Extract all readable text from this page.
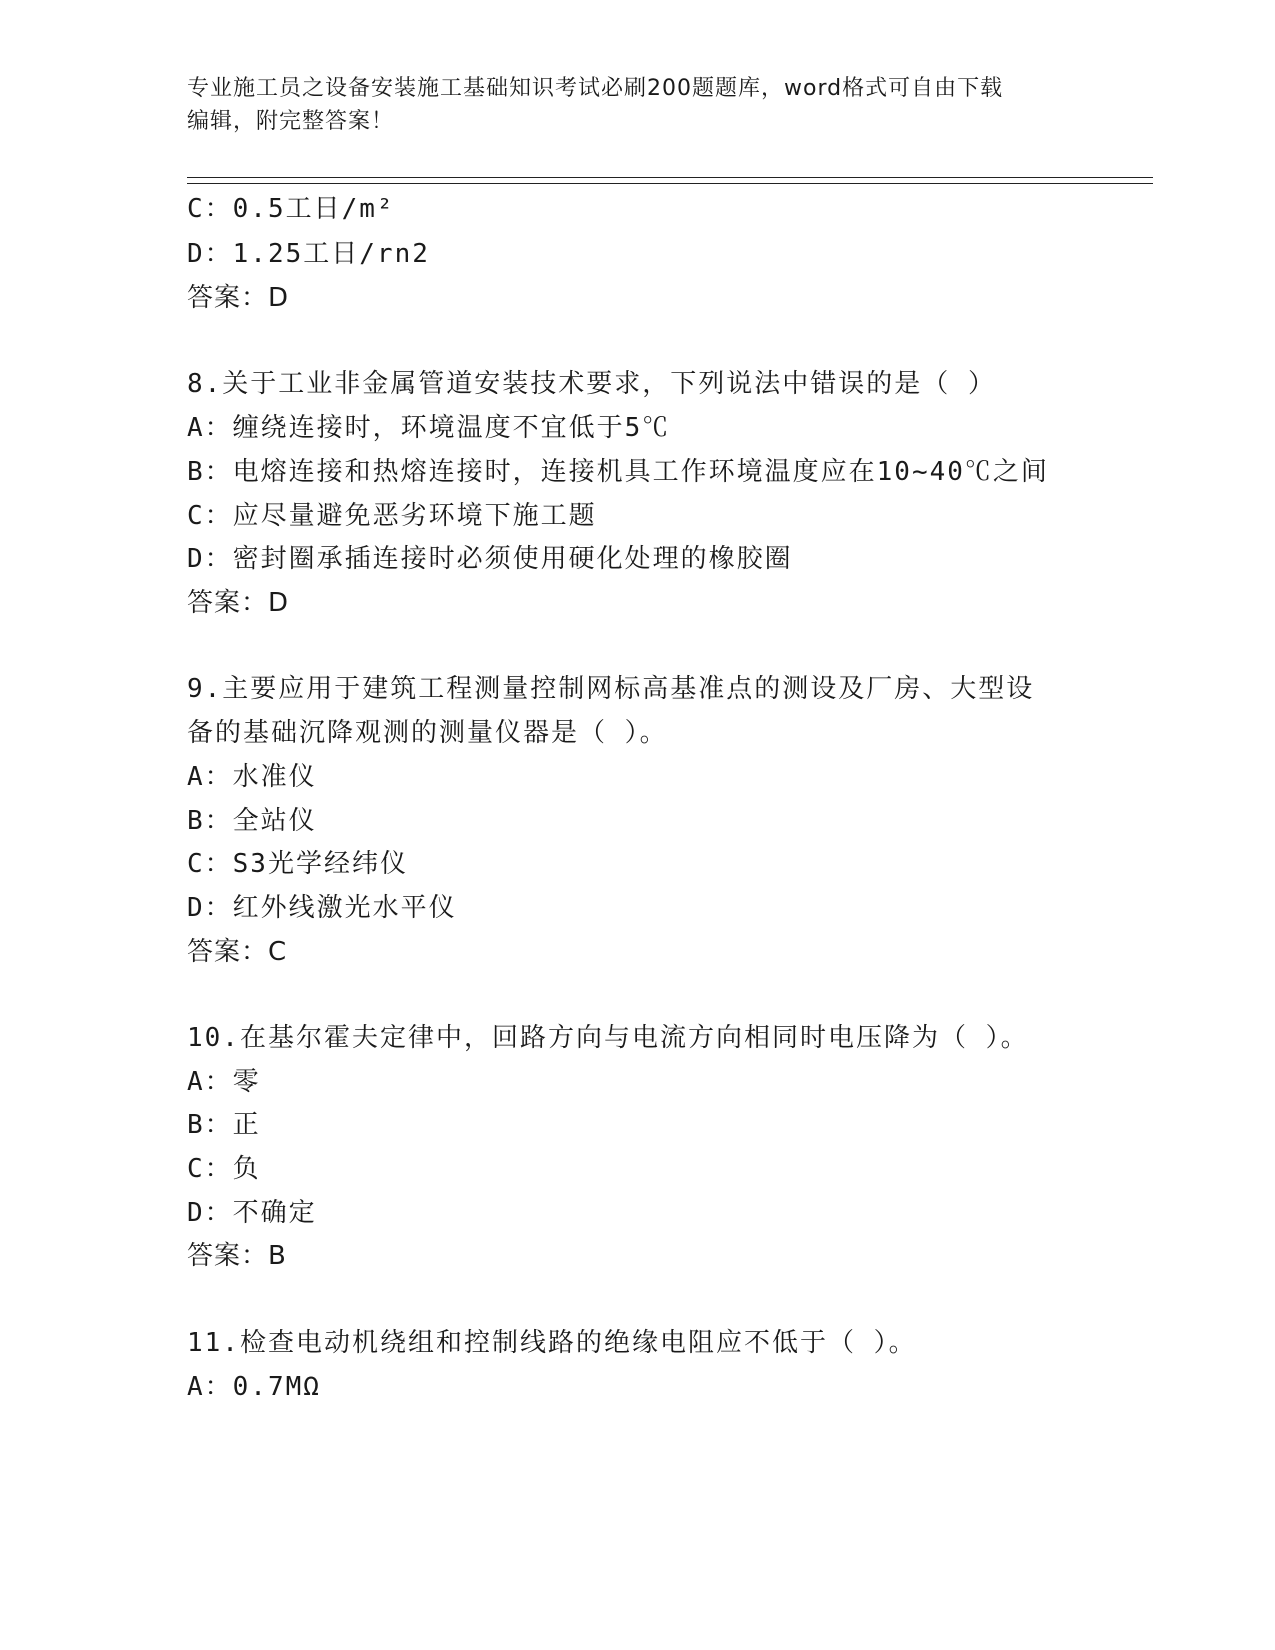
专业施工员之设备安装施工基础知识考试必刷200题题库，word格式可自由下载
编辑，附完整答案！
C：0.5工日/m²
D：1.25工日/rn2
答案：D
8.关于工业非金属管道安装技术要求，下列说法中错误的是（ ）
A：缠绕连接时，环境温度不宜低于5℃
B：电熔连接和热熔连接时，连接机具工作环境温度应在10~40℃之间
C：应尽量避免恶劣环境下施工题
D：密封圈承插连接时必须使用硬化处理的橡胶圈
答案：D
9.主要应用于建筑工程测量控制网标高基准点的测设及厂房、大型设
备的基础沉降观测的测量仪器是（ ）。
A：水准仪
B：全站仪
C：S3光学经纬仪
D：红外线激光水平仪
答案：C
10.在基尔霍夫定律中，回路方向与电流方向相同时电压降为（ ）。
A：零
B：正
C：负
D：不确定
答案：B
11.检查电动机绕组和控制线路的绝缘电阻应不低于（ ）。
A：0.7MΩ
